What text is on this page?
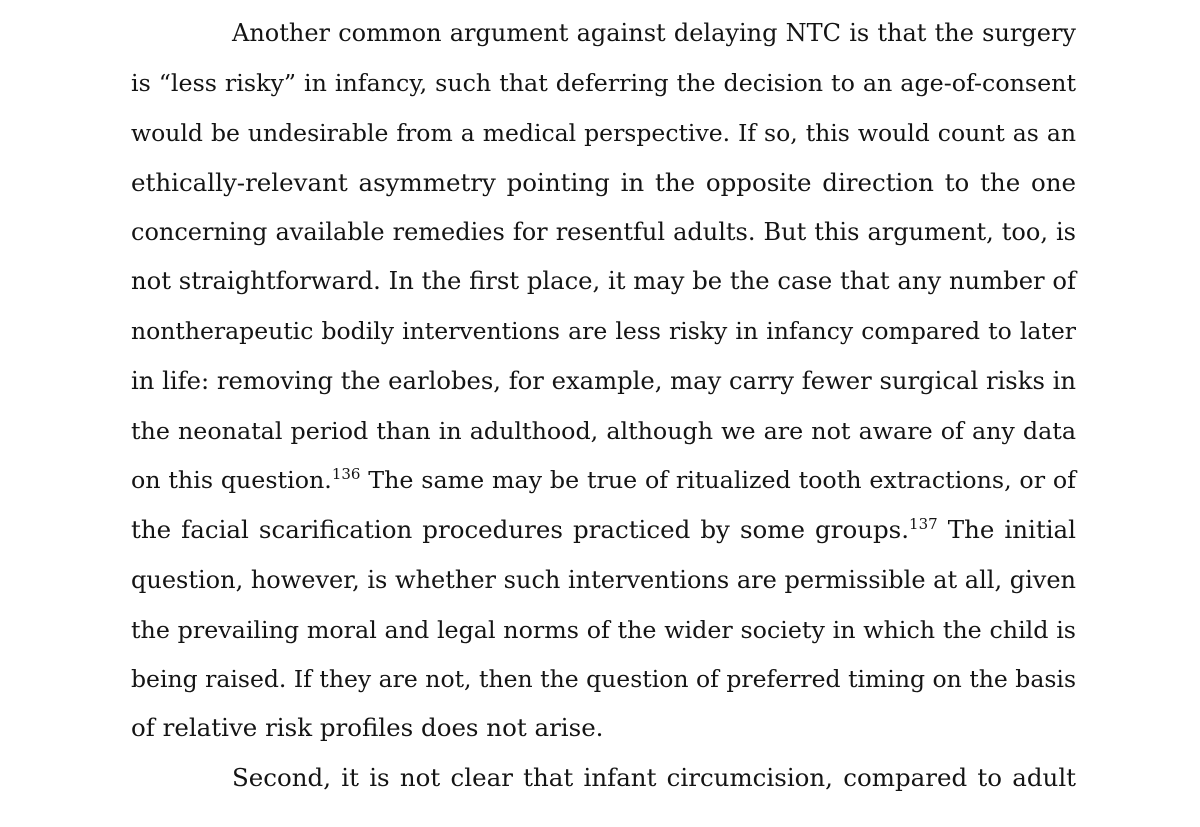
Another common argument against delaying NTC is that the surgery
is “less risky” in infancy, such that deferring the decision to an age-of-consent
would be undesirable from a medical perspective. If so, this would count as an
ethically-relevant asymmetry pointing in the opposite direction to the one
concerning available remedies for resentful adults. But this argument, too, is
not straightforward. In the first place, it may be the case that any number of
nontherapeutic bodily interventions are less risky in infancy compared to later
in life: removing the earlobes, for example, may carry fewer surgical risks in
the neonatal period than in adulthood, although we are not aware of any data
on this question.$^{136}$ The same may be true of ritualized tooth extractions, or of
the facial scarification procedures practiced by some groups.$^{137}$ The initial
question, however, is whether such interventions are permissible at all, given
the prevailing moral and legal norms of the wider society in which the child is
being raised. If they are not, then the question of preferred timing on the basis
of relative risk profiles does not arise.
Second, it is not clear that infant circumcision, compared to adult
